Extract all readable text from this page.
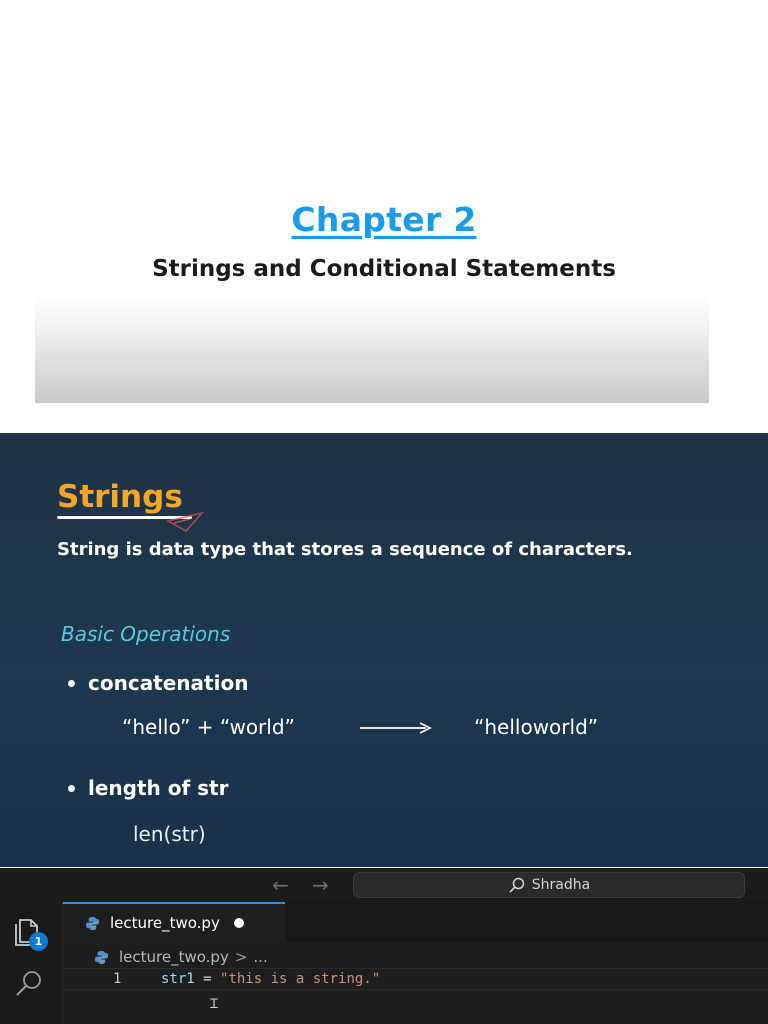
Chapter 2
Strings and Conditional Statements
Strings
String is data type that stores a sequence of characters.
Basic Operations
concatenation
“hello” + “world”	“helloworld”
length of str
len(str)
← →	Shradha
1
lecture_two.py
lecture_two.py > ...
1	str1 = "this is a string."
Ꮖ
